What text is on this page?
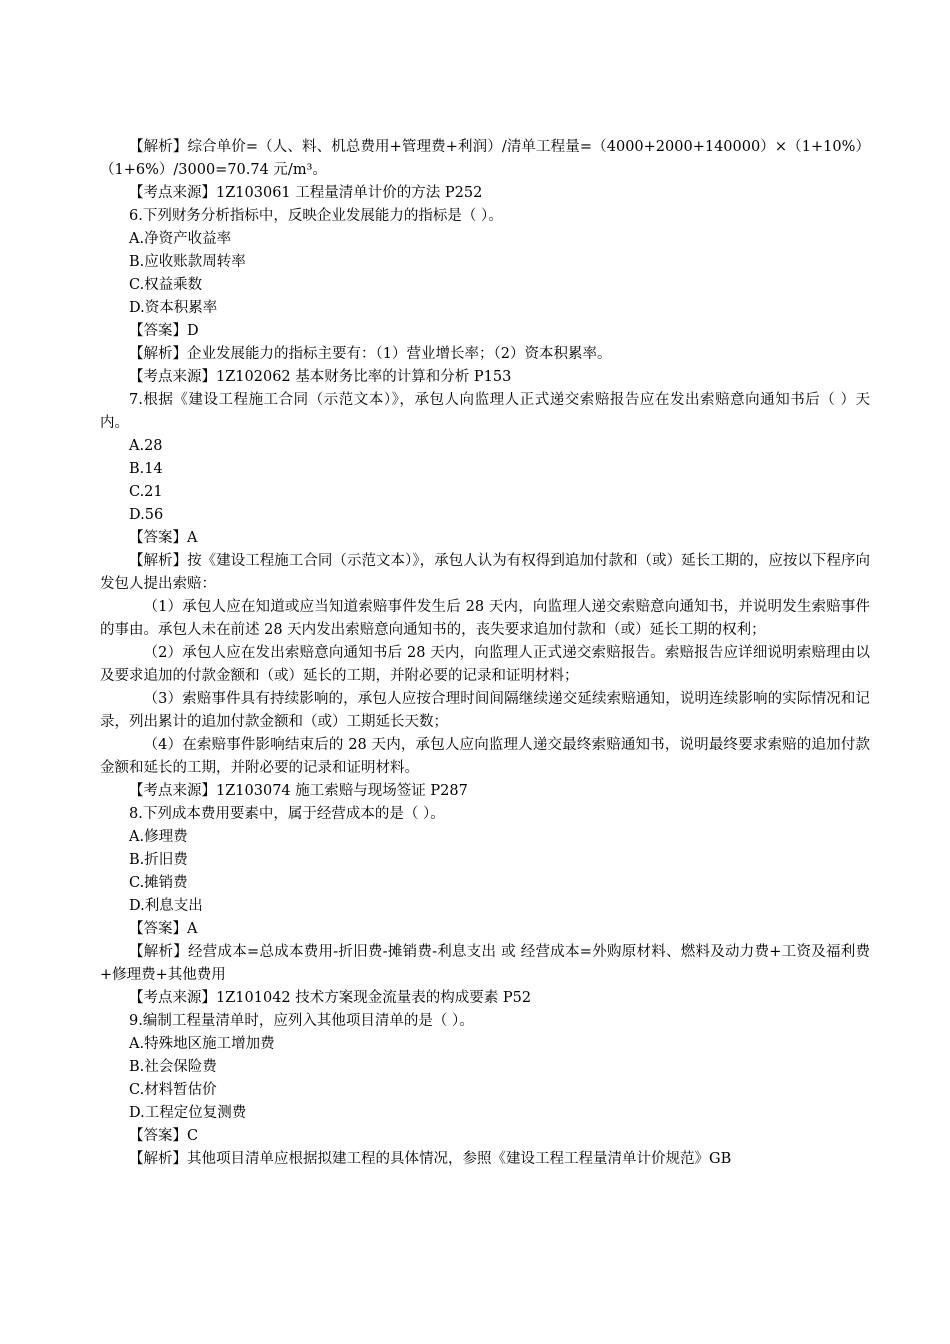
【解析】综合单价=（人、料、机总费用+管理费+利润）/清单工程量=（4000+2000+140000）×（1+10%）（1+6%）/3000=70.74 元/m³。

【考点来源】1Z103061 工程量清单计价的方法 P252

6.下列财务分析指标中，反映企业发展能力的指标是（ ）。

A.净资产收益率

B.应收账款周转率

C.权益乘数

D.资本积累率

【答案】D

【解析】企业发展能力的指标主要有：（1）营业增长率；（2）资本积累率。

【考点来源】1Z102062 基本财务比率的计算和分析 P153

7.根据《建设工程施工合同（示范文本）》，承包人向监理人正式递交索赔报告应在发出索赔意向通知书后（ ）天内。

A.28

B.14

C.21

D.56

【答案】A

【解析】按《建设工程施工合同（示范文本）》，承包人认为有权得到追加付款和（或）延长工期的，应按以下程序向发包人提出索赔：

（1）承包人应在知道或应当知道索赔事件发生后 28 天内，向监理人递交索赔意向通知书，并说明发生索赔事件的事由。承包人未在前述 28 天内发出索赔意向通知书的，丧失要求追加付款和（或）延长工期的权利；

（2）承包人应在发出索赔意向通知书后 28 天内，向监理人正式递交索赔报告。索赔报告应详细说明索赔理由以及要求追加的付款金额和（或）延长的工期，并附必要的记录和证明材料；

（3）索赔事件具有持续影响的，承包人应按合理时间间隔继续递交延续索赔通知，说明连续影响的实际情况和记录，列出累计的追加付款金额和（或）工期延长天数；

（4）在索赔事件影响结束后的 28 天内，承包人应向监理人递交最终索赔通知书，说明最终要求索赔的追加付款金额和延长的工期，并附必要的记录和证明材料。

【考点来源】1Z103074 施工索赔与现场签证 P287

8.下列成本费用要素中，属于经营成本的是（ ）。

A.修理费

B.折旧费

C.摊销费

D.利息支出

【答案】A

【解析】经营成本=总成本费用-折旧费-摊销费-利息支出 或 经营成本=外购原材料、燃料及动力费+工资及福利费+修理费+其他费用

【考点来源】1Z101042 技术方案现金流量表的构成要素 P52

9.编制工程量清单时，应列入其他项目清单的是（ ）。

A.特殊地区施工增加费

B.社会保险费

C.材料暂估价

D.工程定位复测费

【答案】C

【解析】其他项目清单应根据拟建工程的具体情况，参照《建设工程工程量清单计价规范》GB
